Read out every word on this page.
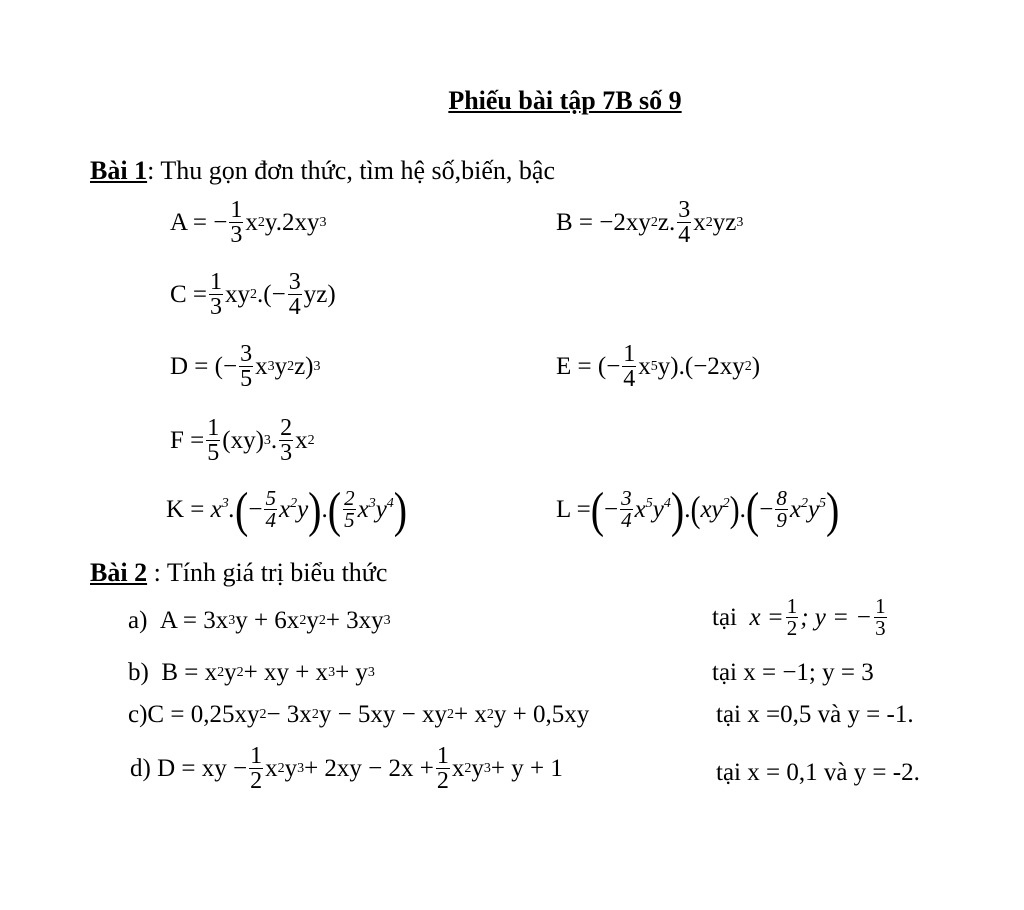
Phiếu bài tập 7B số 9
Bài 1: Thu gọn đơn thức, tìm hệ số,biến, bậc
A = − 1
3 x 2 y.2xy 3	B = −2xy 2 z. 3
4 x 2 yz 3
C = 1
3 xy 2 .(− 3
4 yz)
D = (− 3
5 x 3 y 2 z) 3	E = (− 1
4 x 5 y).(−2xy 2 )
F = 1
5 (xy) 3 . 2
3 x 2
$K = x^3$. ( − 5
4 $x^2y$ ) . ( 2
5 $x^3y^4$ )	L = ( − 3
4 $x^5y^4$ ) . ( $xy^2$ ) . ( − 8
9 $x^2y^5$ )
Bài 2 : Tính giá trị biểu thức
a)  A = 3x 3 y + 6x 2 y 2 + 3xy 3	tại $x = \frac{1}{2}$ ; y = − $\frac{1}{3}$
b)  B = x 2 y 2 + xy + x 3 + y 3	tại x = −1; y = 3
c)C = 0,25xy 2 − 3x 2 y − 5xy − xy 2 + x 2 y + 0,5xy	tại x =0,5 và y = -1.
d) D = xy − 1
2 x 2 y 3 + 2xy − 2x + 1
2 x 2 y 3 + y + 1	tại x = 0,1 và y = -2.
